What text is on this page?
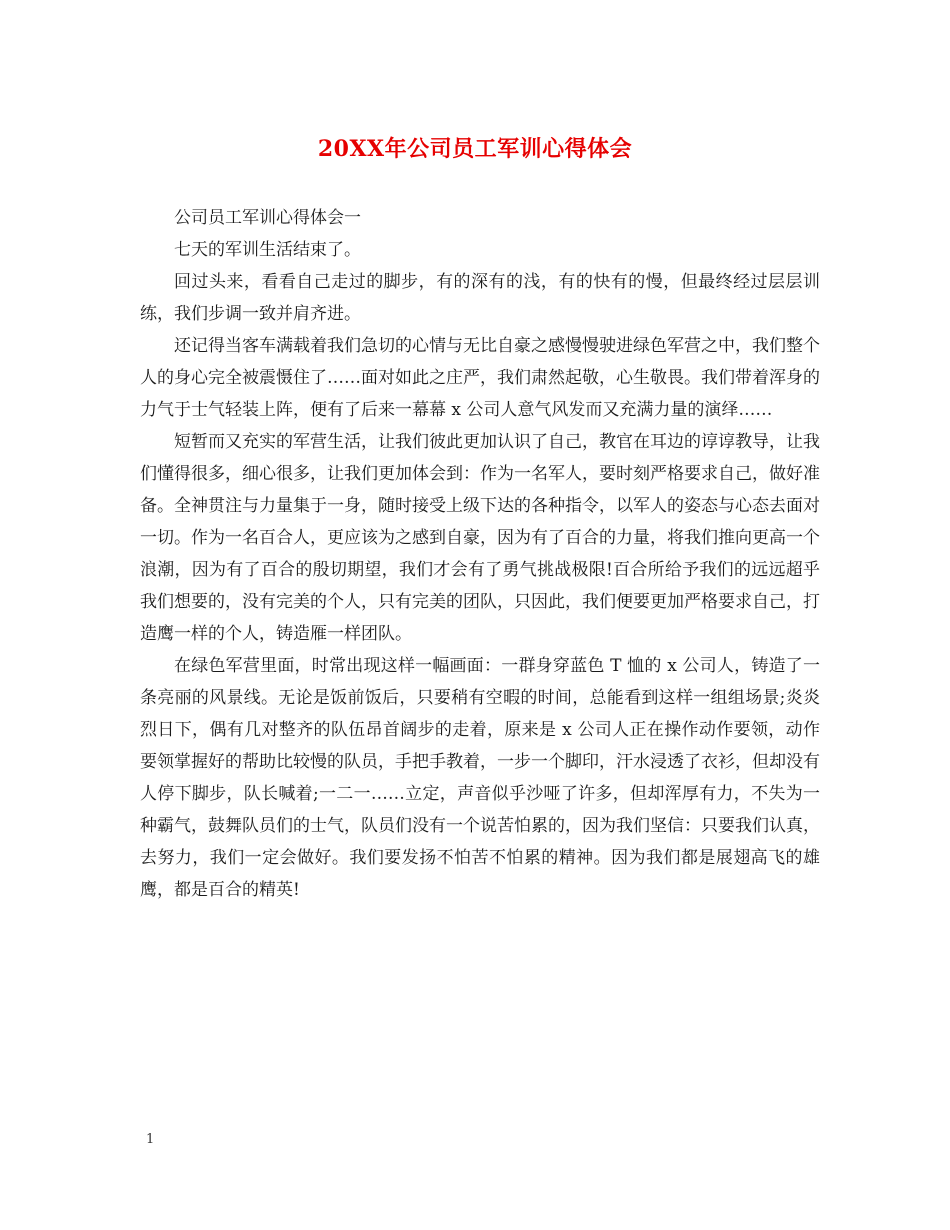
20XX年公司员工军训心得体会

公司员工军训心得体会一

七天的军训生活结束了。

回过头来，看看自己走过的脚步，有的深有的浅，有的快有的慢，但最终经过层层训练，我们步调一致并肩齐进。

还记得当客车满载着我们急切的心情与无比自豪之感慢慢驶进绿色军营之中，我们整个人的身心完全被震慑住了……面对如此之庄严，我们肃然起敬，心生敬畏。我们带着浑身的力气于士气轻装上阵，便有了后来一幕幕 x 公司人意气风发而又充满力量的演绎……

短暂而又充实的军营生活，让我们彼此更加认识了自己，教官在耳边的谆谆教导，让我们懂得很多，细心很多，让我们更加体会到：作为一名军人，要时刻严格要求自己，做好准备。全神贯注与力量集于一身，随时接受上级下达的各种指令，以军人的姿态与心态去面对一切。作为一名百合人，更应该为之感到自豪，因为有了百合的力量，将我们推向更高一个浪潮，因为有了百合的殷切期望，我们才会有了勇气挑战极限!百合所给予我们的远远超乎我们想要的，没有完美的个人，只有完美的团队，只因此，我们便要更加严格要求自己，打造鹰一样的个人，铸造雁一样团队。

在绿色军营里面，时常出现这样一幅画面：一群身穿蓝色 T 恤的 x 公司人，铸造了一条亮丽的风景线。无论是饭前饭后，只要稍有空暇的时间，总能看到这样一组组场景;炎炎烈日下，偶有几对整齐的队伍昂首阔步的走着，原来是 x 公司人正在操作动作要领，动作要领掌握好的帮助比较慢的队员，手把手教着，一步一个脚印，汗水浸透了衣衫，但却没有人停下脚步，队长喊着;一二一……立定，声音似乎沙哑了许多，但却浑厚有力，不失为一种霸气，鼓舞队员们的士气，队员们没有一个说苦怕累的，因为我们坚信：只要我们认真，去努力，我们一定会做好。我们要发扬不怕苦不怕累的精神。因为我们都是展翅高飞的雄鹰，都是百合的精英!

1
